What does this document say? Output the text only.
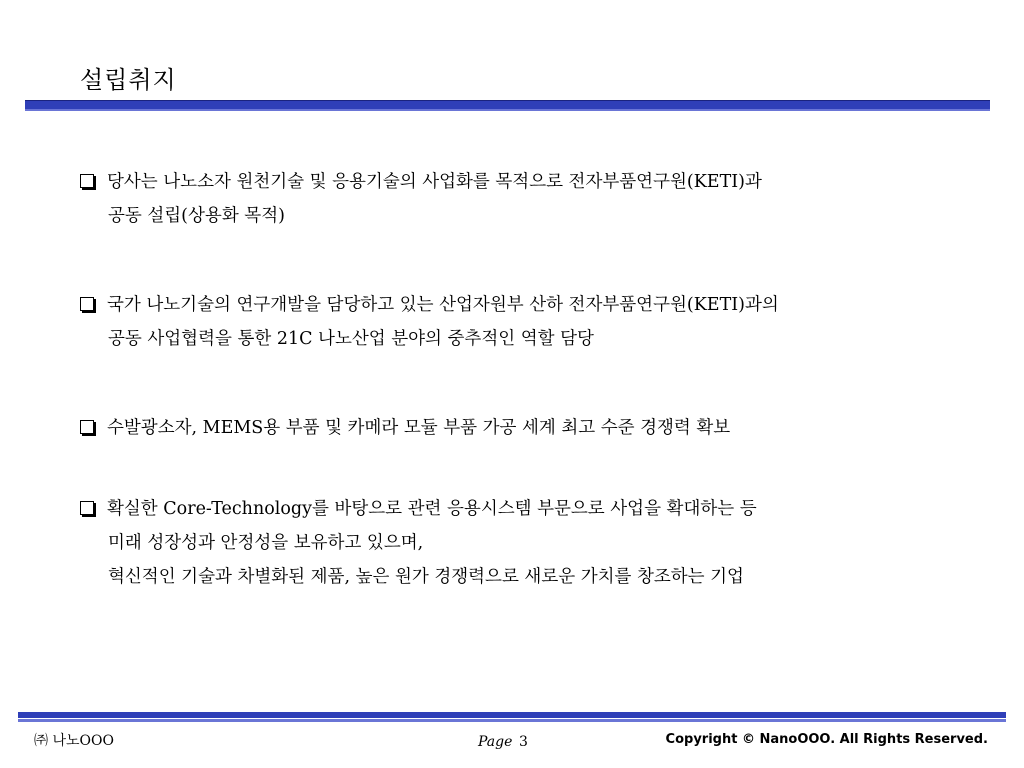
설립취지
당사는 나노소자 원천기술 및 응용기술의 사업화를 목적으로 전자부품연구원(KETI)과
공동 설립(상용화 목적)
국가 나노기술의 연구개발을 담당하고 있는 산업자원부 산하 전자부품연구원(KETI)과의
공동 사업협력을 통한 21C 나노산업 분야의 중추적인 역할 담당
수발광소자, MEMS용 부품 및 카메라 모듈 부품 가공 세계 최고 수준 경쟁력 확보
확실한 Core-Technology를 바탕으로 관련 응용시스템 부문으로 사업을 확대하는 등
미래 성장성과 안정성을 보유하고 있으며,
혁신적인 기술과 차별화된 제품, 높은 원가 경쟁력으로 새로운 가치를 창조하는 기업
㈜ 나노OOO	Page 3	Copyright © NanoOOO. All Rights Reserved.
